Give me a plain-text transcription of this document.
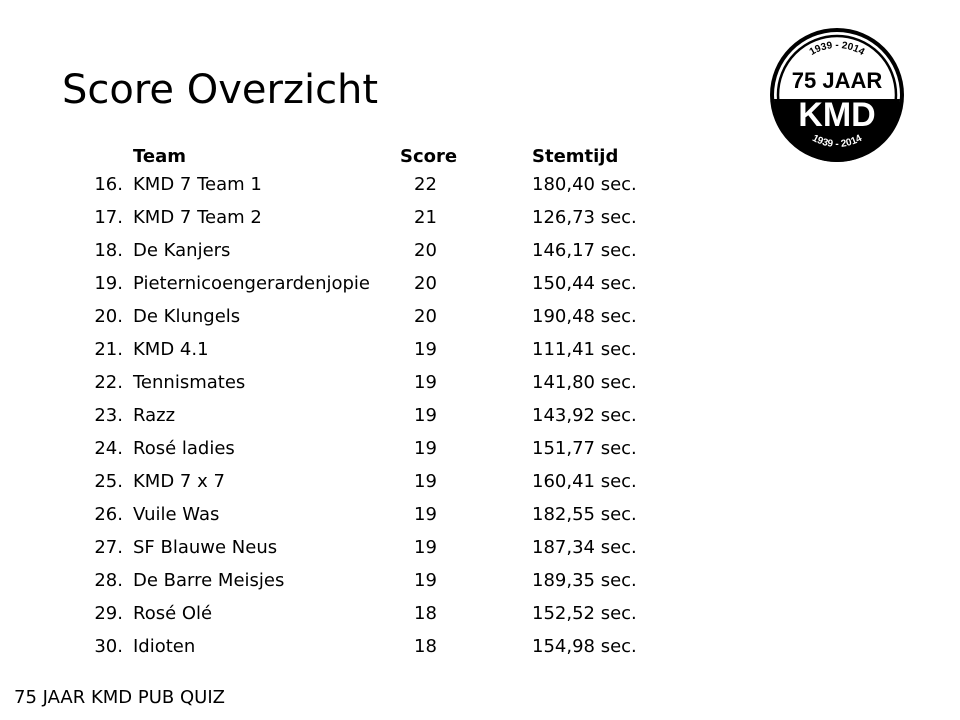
Score Overzicht
1939 - 2014
75 JAAR
KMD
1939 - 2014
	Team	Score	Stemtijd
16.	KMD 7 Team 1	22	180,40 sec.
17.	KMD 7 Team 2	21	126,73 sec.
18.	De Kanjers	20	146,17 sec.
19.	Pieternicoengerardenjopie	20	150,44 sec.
20.	De Klungels	20	190,48 sec.
21.	KMD 4.1	19	111,41 sec.
22.	Tennismates	19	141,80 sec.
23.	Razz	19	143,92 sec.
24.	Rosé ladies	19	151,77 sec.
25.	KMD 7 x 7	19	160,41 sec.
26.	Vuile Was	19	182,55 sec.
27.	SF Blauwe Neus	19	187,34 sec.
28.	De Barre Meisjes	19	189,35 sec.
29.	Rosé Olé	18	152,52 sec.
30.	Idioten	18	154,98 sec.

75 JAAR KMD PUB QUIZ
